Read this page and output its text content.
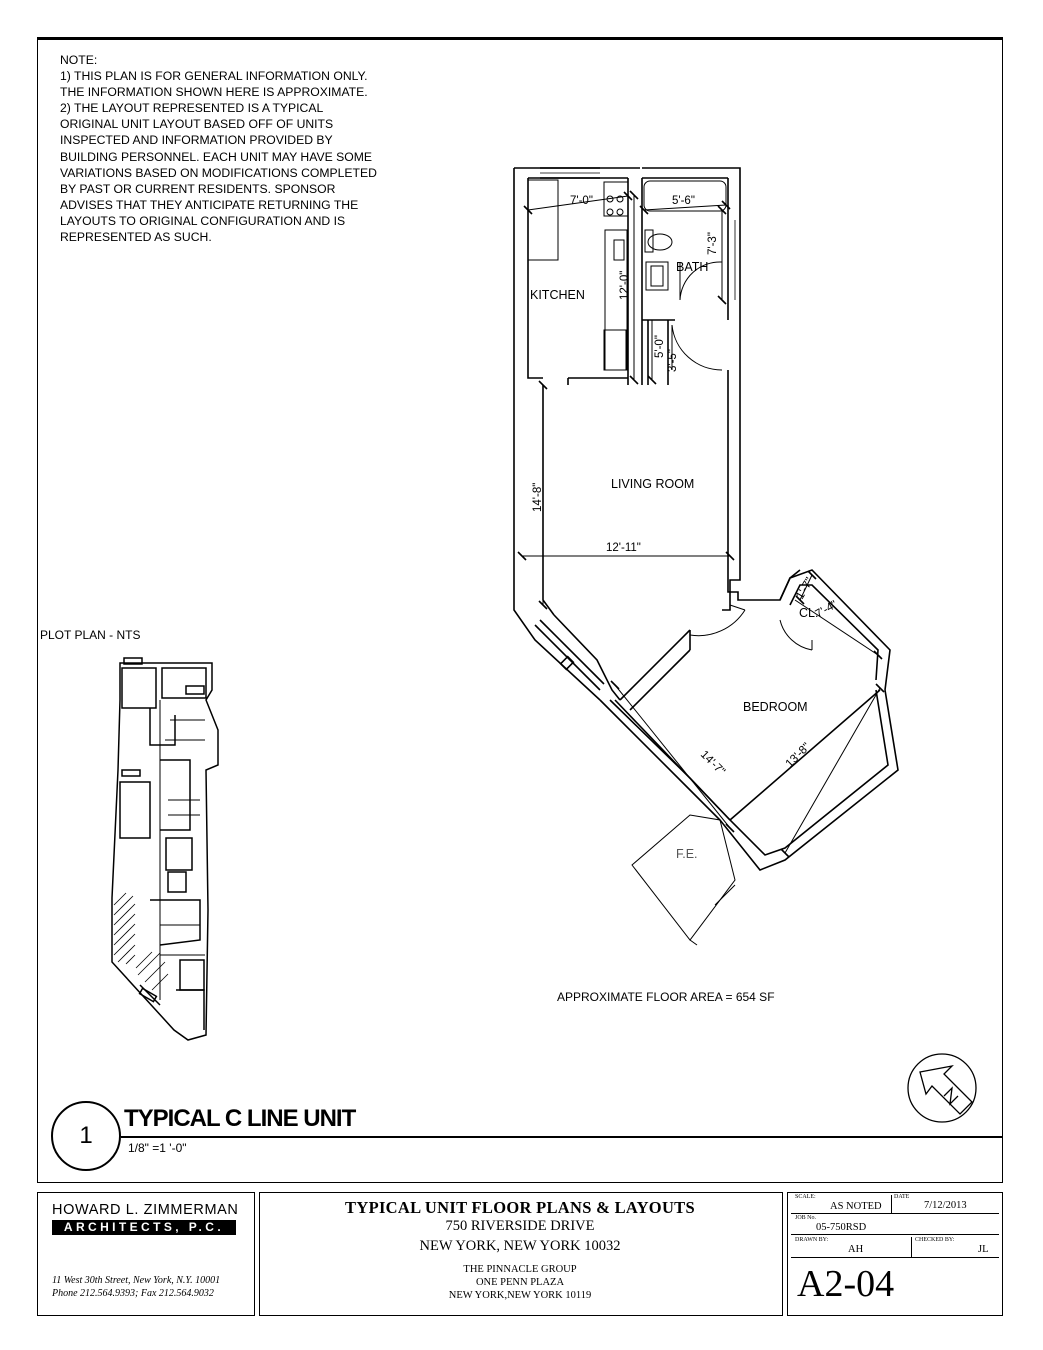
NOTE:
1) THIS PLAN IS FOR GENERAL INFORMATION ONLY. THE INFORMATION SHOWN HERE IS APPROXIMATE.
2) THE LAYOUT REPRESENTED IS A TYPICAL ORIGINAL UNIT LAYOUT BASED OFF OF UNITS INSPECTED AND INFORMATION PROVIDED BY BUILDING PERSONNEL. EACH UNIT MAY HAVE SOME VARIATIONS BASED ON MODIFICATIONS COMPLETED BY PAST OR CURRENT RESIDENTS. SPONSOR ADVISES THAT THEY ANTICIPATE RETURNING THE LAYOUTS TO ORIGINAL CONFIGURATION AND IS REPRESENTED AS SUCH.
PLOT PLAN - NTS
KITCHEN
BATH
LIVING ROOM
BEDROOM
CL.
F.E.
7'-0"	5'-6"
7'-3"
12'-0"
5'-0"
3'-5"
14'-8"
12'-11"
7'-4"
1'-7"
14'-7"	13'-8"
APPROXIMATE FLOOR AREA = 654 SF
1
TYPICAL C LINE UNIT
1/8" =1 '-0"
HOWARD L. ZIMMERMAN
ARCHITECTS, P.C.
11 West 30th Street, New York, N.Y. 10001
Phone 212.564.9393; Fax 212.564.9032
TYPICAL UNIT FLOOR PLANS & LAYOUTS
750 RIVERSIDE DRIVE
NEW YORK, NEW YORK 10032
THE PINNACLE GROUP
ONE PENN PLAZA
NEW YORK,NEW YORK 10119
SCALE:
AS NOTED
DATE
7/12/2013
JOB No.
05-750RSD
DRAWN BY:
AH
CHECKED BY:
JL
A2-04
